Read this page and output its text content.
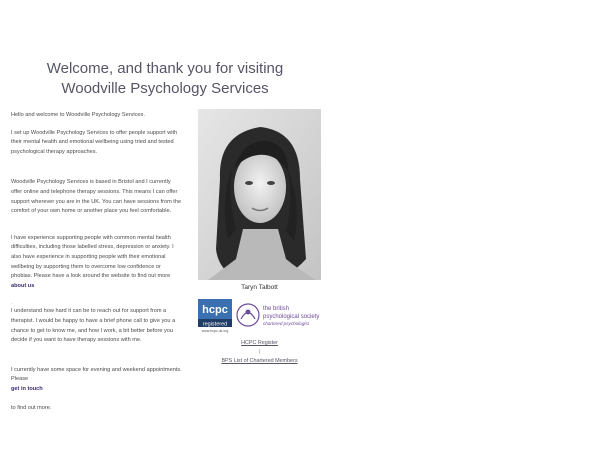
Welcome, and thank you for visiting Woodville Psychology Services

Hello and welcome to Woodville Psychology Services.

I set up Woodville Psychology Services to offer people support with their mental health and emotional wellbeing using tried and tested psychological therapy approaches.

Woodville Psychology Services is based in Bristol and I currently offer online and telephone therapy sessions. This means I can offer support wherever you are in the UK. You can have sessions from the comfort of your own home or another place you feel comfortable.

I have experience supporting people with common mental health difficulties, including those labelled stress, depression or anxiety. I also have experience in supporting people with their emotional wellbeing by supporting them to overcome low confidence or phobias. Please have a look around the website to find out more
about us

.

I understand how hard it can be to reach out for support from a therapist. I would be happy to have a brief phone call to give you a chance to get to know me, and how I work, a bit better before you decide if you want to have therapy sessions with me.

I currently have some space for evening and weekend appointments. Please
get in touch

to find out more.

Taryn Talbott
hcpc
registered
www.hcpc-uk.org
the british
psychological society
chartered psychologist
HCPC Register
|
BPS List of Chartered Members
